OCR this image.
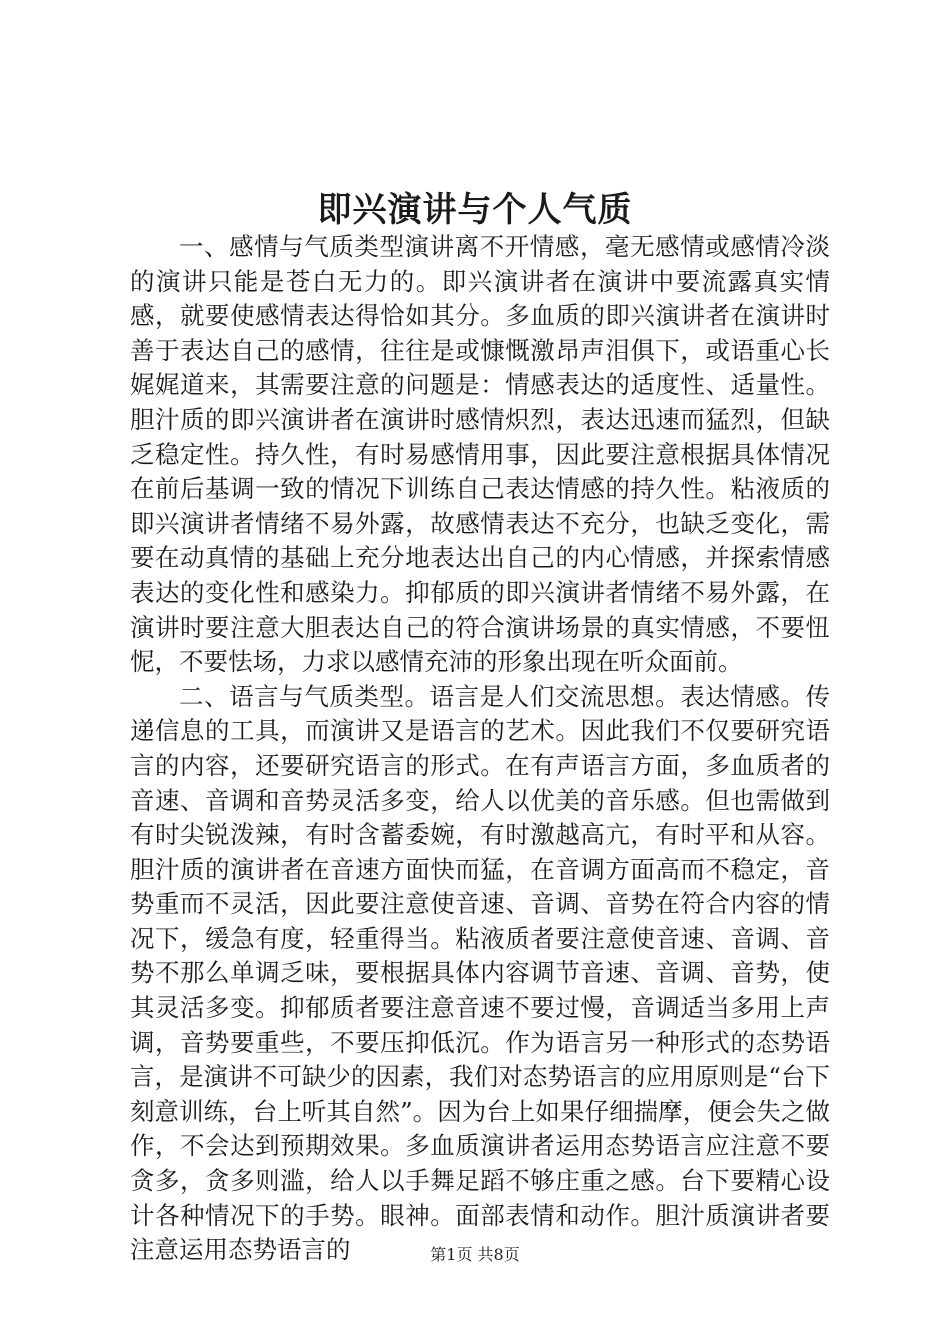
即兴演讲与个人气质

一、感情与气质类型演讲离不开情感，毫无感情或感情冷淡的演讲只能是苍白无力的。即兴演讲者在演讲中要流露真实情感，就要使感情表达得恰如其分。多血质的即兴演讲者在演讲时善于表达自己的感情，往往是或慷慨激昂声泪俱下，或语重心长娓娓道来，其需要注意的问题是：情感表达的适度性、适量性。胆汁质的即兴演讲者在演讲时感情炽烈，表达迅速而猛烈，但缺乏稳定性。持久性，有时易感情用事，因此要注意根据具体情况在前后基调一致的情况下训练自己表达情感的持久性。粘液质的即兴演讲者情绪不易外露，故感情表达不充分，也缺乏变化，需要在动真情的基础上充分地表达出自己的内心情感，并探索情感表达的变化性和感染力。抑郁质的即兴演讲者情绪不易外露，在演讲时要注意大胆表达自己的符合演讲场景的真实情感，不要忸怩，不要怯场，力求以感情充沛的形象出现在听众面前。

二、语言与气质类型。语言是人们交流思想。表达情感。传递信息的工具，而演讲又是语言的艺术。因此我们不仅要研究语言的内容，还要研究语言的形式。在有声语言方面，多血质者的音速、音调和音势灵活多变，给人以优美的音乐感。但也需做到有时尖锐泼辣，有时含蓄委婉，有时激越高亢，有时平和从容。胆汁质的演讲者在音速方面快而猛，在音调方面高而不稳定，音势重而不灵活，因此要注意使音速、音调、音势在符合内容的情况下，缓急有度，轻重得当。粘液质者要注意使音速、音调、音势不那么单调乏味，要根据具体内容调节音速、音调、音势，使其灵活多变。抑郁质者要注意音速不要过慢，音调适当多用上声调，音势要重些，不要压抑低沉。作为语言另一种形式的态势语言，是演讲不可缺少的因素，我们对态势语言的应用原则是“台下刻意训练，台上听其自然”。因为台上如果仔细揣摩，便会失之做作，不会达到预期效果。多血质演讲者运用态势语言应注意不要贪多，贪多则滥，给人以手舞足蹈不够庄重之感。台下要精心设计各种情况下的手势。眼神。面部表情和动作。胆汁质演讲者要注意运用态势语言的	第1页 共8页
